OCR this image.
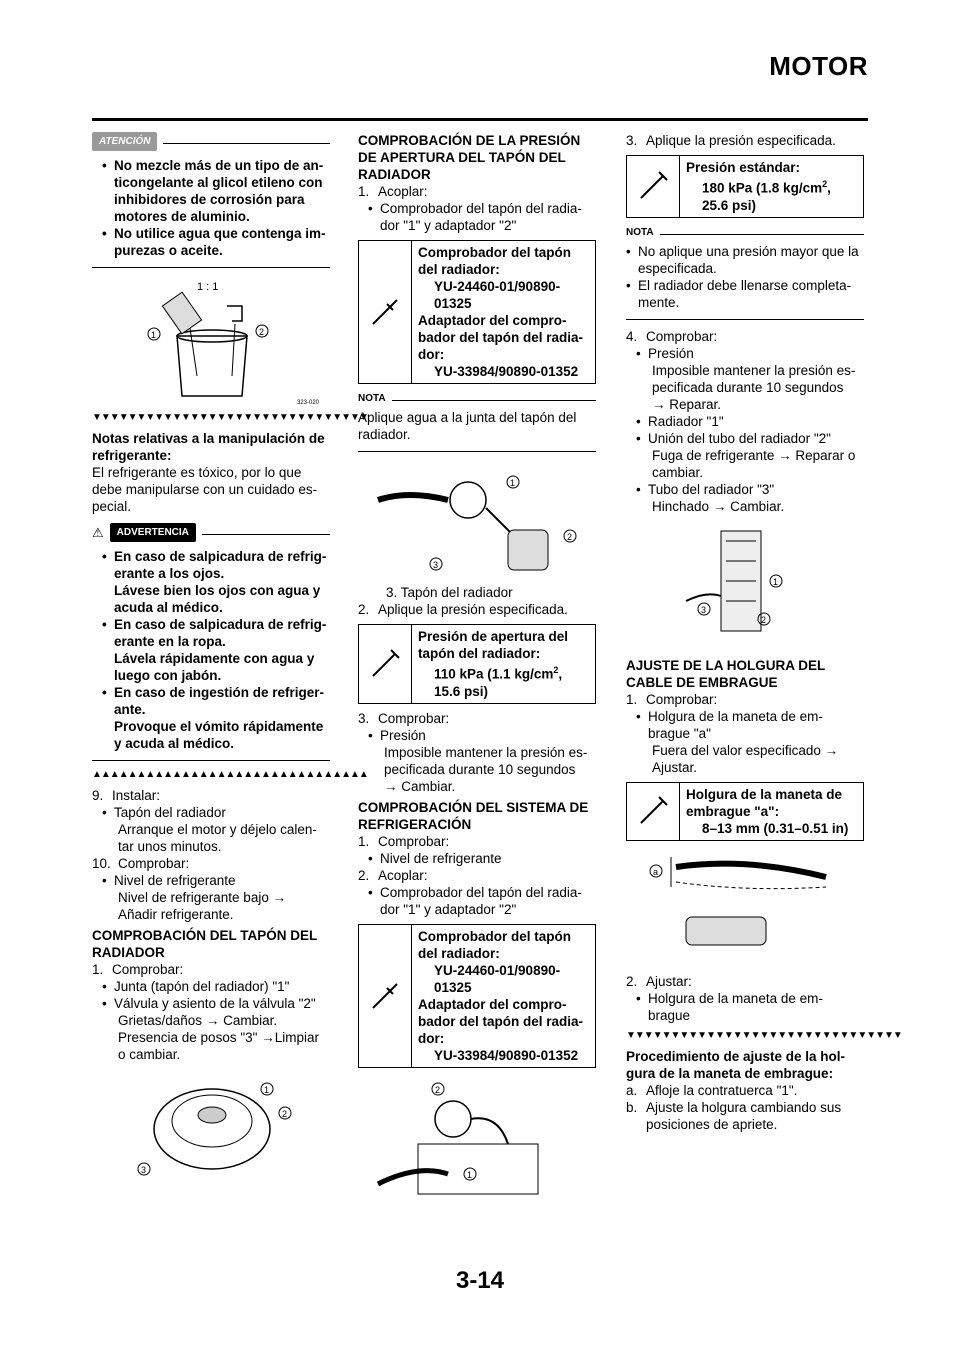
MOTOR
ATENCIÓN
• No mezcle más de un tipo de an-ticongelante al glicol etileno con inhibidores de corrosión para motores de aluminio.
• No utilice agua que contenga im-purezas o aceite.
1	2
1 : 1
323-020
▼▼▼▼▼▼▼▼▼▼▼▼▼▼▼▼▼▼▼▼▼▼▼▼▼▼▼▼▼▼▼

Notas relativas a la manipulación de refrigerante:

El refrigerante es tóxico, por lo que debe manipularse con un cuidado es-pecial.

⚠	ADVERTENCIA
• En caso de salpicadura de refrig-erante a los ojos.
Lávese bien los ojos con agua y acuda al médico.
• En caso de salpicadura de refrig-erante en la ropa.
Lávela rápidamente con agua y luego con jabón.
• En caso de ingestión de refriger-ante.
Provoque el vómito rápidamente y acuda al médico.
▲▲▲▲▲▲▲▲▲▲▲▲▲▲▲▲▲▲▲▲▲▲▲▲▲▲▲▲▲▲▲
9. Instalar:
• Tapón del radiador
Arranque el motor y déjelo calen-tar unos minutos.
10. Comprobar:
• Nivel de refrigerante
Nivel de refrigerante bajo →
Añadir refrigerante.

COMPROBACIÓN DEL TAPÓN DEL RADIADOR

1. Comprobar:
• Junta (tapón del radiador) "1"
• Válvula y asiento de la válvula "2"
Grietas/daños → Cambiar.
Presencia de posos "3" →Limpiar o cambiar.
1
2
3

COMPROBACIÓN DE LA PRESIÓN DE APERTURA DEL TAPÓN DEL RADIADOR

1. Acoplar:
• Comprobador del tapón del radia-dor "1" y adaptador "2"
Comprobador del tapón del radiador:
YU-24460-01/90890-01325
Adaptador del compro-bador del tapón del radia-dor:
YU-33984/90890-01352
NOTA

Aplique agua a la junta del tapón del radiador.

1
2
3

3. Tapón del radiador

2. Aplique la presión especificada.
Presión de apertura del tapón del radiador:
110 kPa (1.1 $kg/cm^2$, 15.6 psi)
3. Comprobar:
• Presión
Imposible mantener la presión es-pecificada durante 10 segundos
→ Cambiar.

COMPROBACIÓN DEL SISTEMA DE REFRIGERACIÓN

1. Comprobar:
• Nivel de refrigerante
2. Acoplar:
• Comprobador del tapón del radia-dor "1" y adaptador "2"
Comprobador del tapón del radiador:
YU-24460-01/90890-01325
Adaptador del compro-bador del tapón del radia-dor:
YU-33984/90890-01352
2
1
3. Aplique la presión especificada.
Presión estándar:
180 kPa (1.8 $kg/cm^2$, 25.6 psi)
NOTA
• No aplique una presión mayor que la especificada.
• El radiador debe llenarse completa-mente.
4. Comprobar:
• Presión
Imposible mantener la presión es-pecificada durante 10 segundos
→ Reparar.
• Radiador "1"
• Unión del tubo del radiador "2"
Fuga de refrigerante → Reparar o cambiar.
• Tubo del radiador "3"
Hinchado → Cambiar.
1
2
3

AJUSTE DE LA HOLGURA DEL CABLE DE EMBRAGUE

1. Comprobar:
• Holgura de la maneta de em-brague "a"
Fuera del valor especificado →
Ajustar.
Holgura de la maneta de embrague "a":
8–13 mm (0.31–0.51 in)
a
2. Ajustar:
• Holgura de la maneta de em-brague
▼▼▼▼▼▼▼▼▼▼▼▼▼▼▼▼▼▼▼▼▼▼▼▼▼▼▼▼▼▼▼

Procedimiento de ajuste de la hol-gura de la maneta de embrague:

a. Afloje la contratuerca "1".
b. Ajuste la holgura cambiando sus posiciones de apriete.
3-14
